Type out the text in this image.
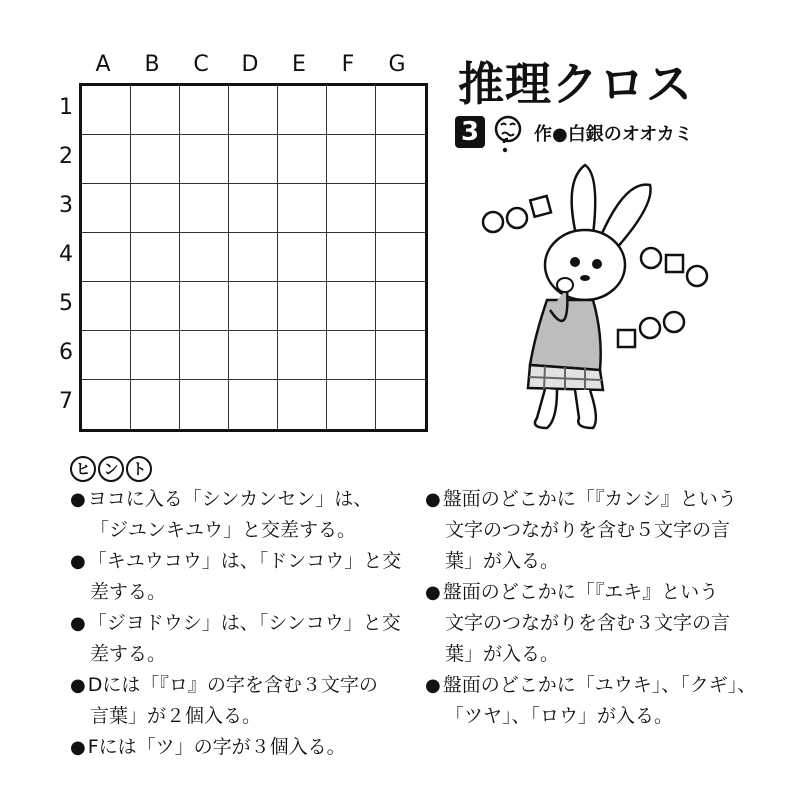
A	B	C	D	E	F	G
1
2
3
4
5
6
7
推理クロス
3	作●白銀のオオカミ
ヒ ン ト
● ヨコに入る「シンカンセン」は、
「ジユンキユウ」と交差する。
● 「キユウコウ」は、「ドンコウ」と交
差する。
● 「ジヨドウシ」は、「シンコウ」と交
差する。
● Dには「『ロ』の字を含む３文字の
言葉」が２個入る。
● Fには「ツ」の字が３個入る。
● 盤面のどこかに「『カンシ』という
文字のつながりを含む５文字の言
葉」が入る。
● 盤面のどこかに「『エキ』という
文字のつながりを含む３文字の言
葉」が入る。
● 盤面のどこかに「ユウキ」、「クギ」、
「ツヤ」、「ロウ」が入る。
